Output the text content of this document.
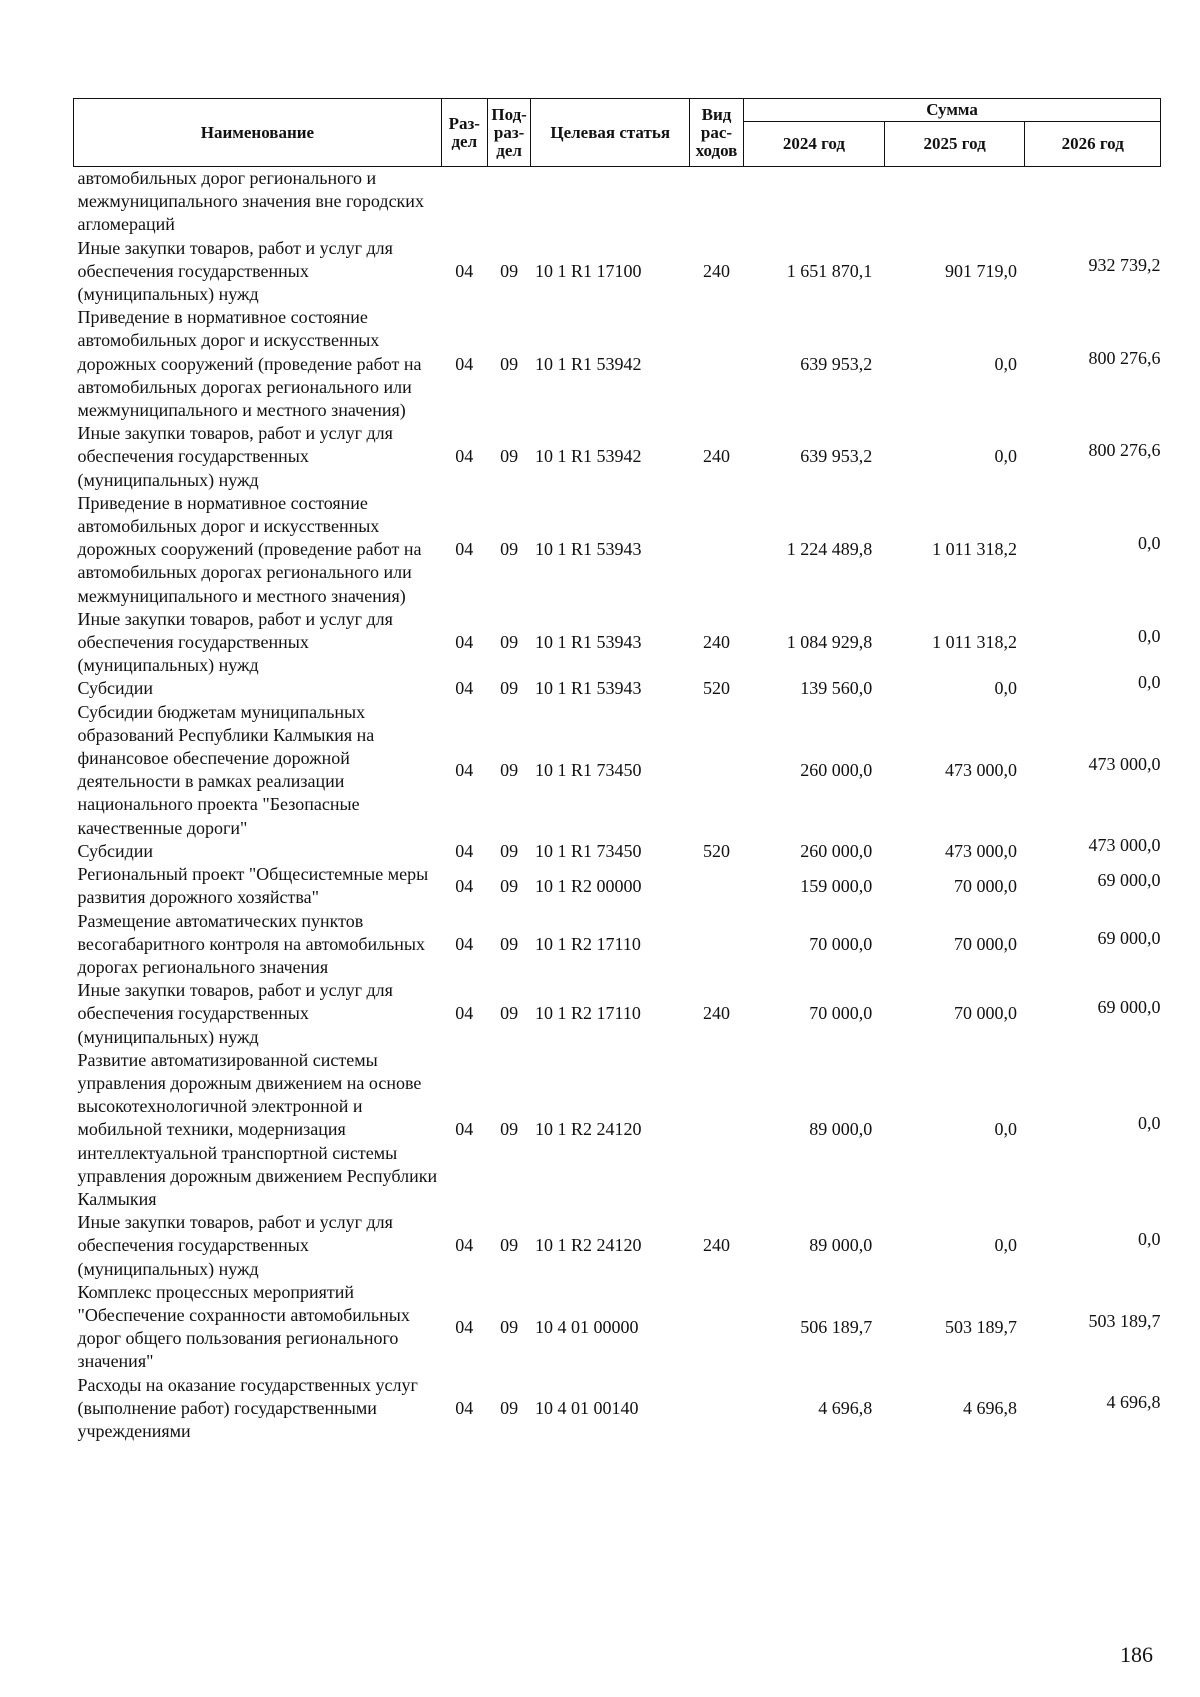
Наименование	Раз-дел	Под-раз-дел	Целевая статья	Вид рас-ходов	Сумма		
					2024 год	2025 год	2026 год
автомобильных дорог регионального и межмуниципального значения вне городских агломераций							
Иные закупки товаров, работ и услуг для обеспечения государственных (муниципальных) нужд	04	09	10 1 R1 17100	240	1 651 870,1	901 719,0	932 739,2
Приведение в нормативное состояние автомобильных дорог и искусственных дорожных сооружений (проведение работ на автомобильных дорогах регионального или межмуниципального и местного значения)	04	09	10 1 R1 53942		639 953,2	0,0	800 276,6
Иные закупки товаров, работ и услуг для обеспечения государственных (муниципальных) нужд	04	09	10 1 R1 53942	240	639 953,2	0,0	800 276,6
Приведение в нормативное состояние автомобильных дорог и искусственных дорожных сооружений (проведение работ на автомобильных дорогах регионального или межмуниципального и местного значения)	04	09	10 1 R1 53943		1 224 489,8	1 011 318,2	0,0
Иные закупки товаров, работ и услуг для обеспечения государственных (муниципальных) нужд	04	09	10 1 R1 53943	240	1 084 929,8	1 011 318,2	0,0
Субсидии	04	09	10 1 R1 53943	520	139 560,0	0,0	0,0
Субсидии бюджетам муниципальных образований Республики Калмыкия на финансовое обеспечение дорожной деятельности в рамках реализации национального проекта "Безопасные качественные дороги"	04	09	10 1 R1 73450		260 000,0	473 000,0	473 000,0
Субсидии	04	09	10 1 R1 73450	520	260 000,0	473 000,0	473 000,0
Региональный проект "Общесистемные меры развития дорожного хозяйства"	04	09	10 1 R2 00000		159 000,0	70 000,0	69 000,0
Размещение автоматических пунктов весогабаритного контроля на автомобильных дорогах регионального значения	04	09	10 1 R2 17110		70 000,0	70 000,0	69 000,0
Иные закупки товаров, работ и услуг для обеспечения государственных (муниципальных) нужд	04	09	10 1 R2 17110	240	70 000,0	70 000,0	69 000,0
Развитие автоматизированной системы управления дорожным движением на основе высокотехнологичной электронной и мобильной техники, модернизация интеллектуальной транспортной системы управления дорожным движением Республики Калмыкия	04	09	10 1 R2 24120		89 000,0	0,0	0,0
Иные закупки товаров, работ и услуг для обеспечения государственных (муниципальных) нужд	04	09	10 1 R2 24120	240	89 000,0	0,0	0,0
Комплекс процессных мероприятий "Обеспечение сохранности автомобильных дорог общего пользования регионального значения"	04	09	10 4 01 00000		506 189,7	503 189,7	503 189,7
Расходы на оказание государственных услуг (выполнение работ) государственными учреждениями	04	09	10 4 01 00140		4 696,8	4 696,8	4 696,8
186
